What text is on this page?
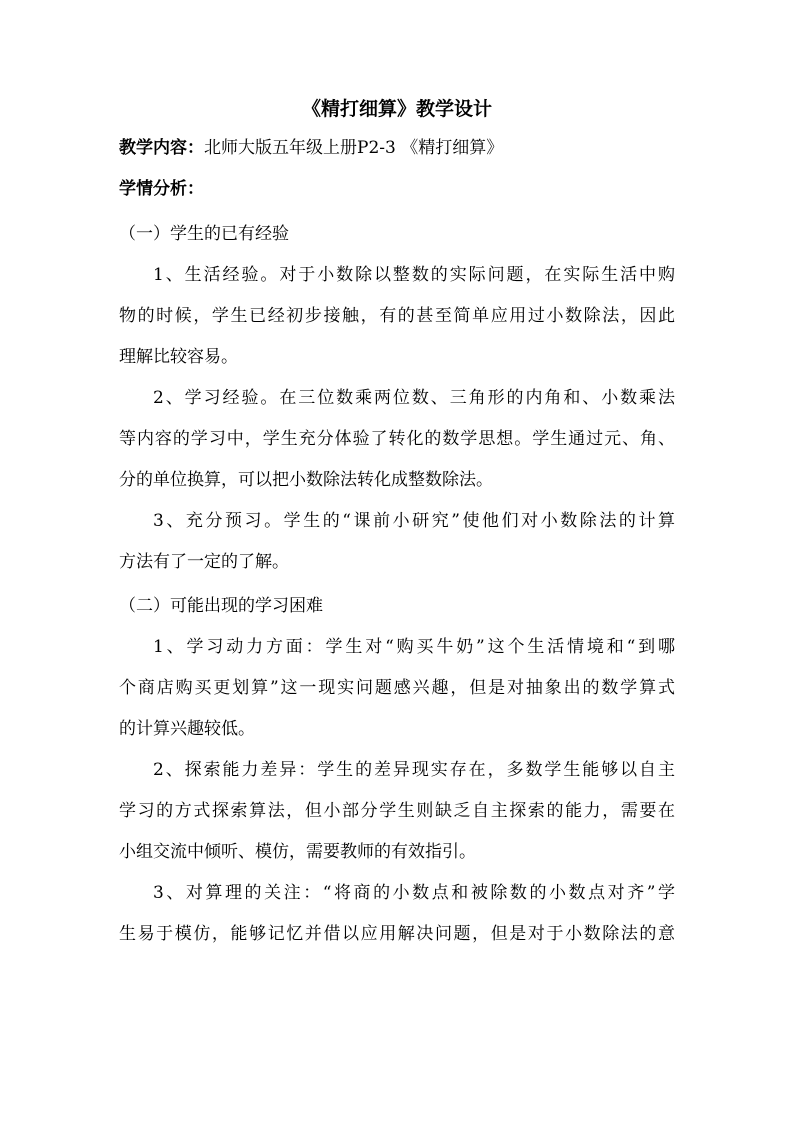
《精打细算》教学设计
教学内容：北师大版五年级上册P2-3 《精打细算》
学情分析：
（一）学生的已有经验
1、生活经验。对于小数除以整数的实际问题，在实际生活中购
物的时候，学生已经初步接触，有的甚至简单应用过小数除法，因此
理解比较容易。
2、学习经验。在三位数乘两位数、三角形的内角和、小数乘法
等内容的学习中，学生充分体验了转化的数学思想。学生通过元、角、
分的单位换算，可以把小数除法转化成整数除法。
3、充分预习。学生的“课前小研究”使他们对小数除法的计算
方法有了一定的了解。
（二）可能出现的学习困难
1、学习动力方面：学生对“购买牛奶”这个生活情境和“到哪
个商店购买更划算”这一现实问题感兴趣，但是对抽象出的数学算式
的计算兴趣较低。
2、探索能力差异：学生的差异现实存在，多数学生能够以自主
学习的方式探索算法，但小部分学生则缺乏自主探索的能力，需要在
小组交流中倾听、模仿，需要教师的有效指引。
3、对算理的关注：“将商的小数点和被除数的小数点对齐”学
生易于模仿，能够记忆并借以应用解决问题，但是对于小数除法的意
